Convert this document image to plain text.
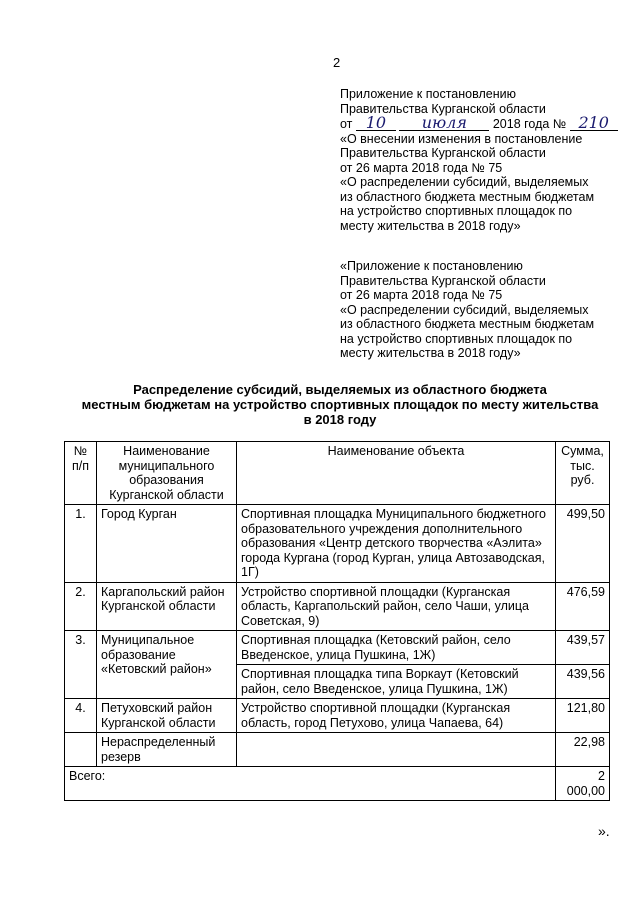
2
Приложение к постановлению
Правительства Курганской области
от 10 июля 2018 года № 210
«О внесении изменения в постановление
Правительства Курганской области
от 26 марта 2018 года № 75
«О распределении субсидий, выделяемых
из областного бюджета местным бюджетам
на устройство спортивных площадок по
месту жительства в 2018 году»
«Приложение к постановлению
Правительства Курганской области
от 26 марта 2018 года № 75
«О распределении субсидий, выделяемых
из областного бюджета местным бюджетам
на устройство спортивных площадок по
месту жительства в 2018 году»
Распределение субсидий, выделяемых из областного бюджета
местным бюджетам на устройство спортивных площадок по месту жительства
в 2018 году
№ п/п	Наименование муниципального образования Курганской области	Наименование объекта	Сумма, тыс. руб.
1.	Город Курган	Спортивная площадка Муниципального бюджетного образовательного учреждения дополнительного образования «Центр детского творчества «Аэлита» города Кургана (город Курган, улица Автозаводская, 1Г)	499,50
2.	Каргапольский район Курганской области	Устройство спортивной площадки (Курганская область, Каргапольский район, село Чаши, улица Советская, 9)	476,59
3.	Муниципальное образование «Кетовский район»	Спортивная площадка (Кетовский район, село Введенское, улица Пушкина, 1Ж)	439,57
		Спортивная площадка типа Воркаут (Кетовский район, село Введенское, улица Пушкина, 1Ж)	439,56
4.	Петуховский район Курганской области	Устройство спортивной площадки (Курганская область, город Петухово, улица Чапаева, 64)	121,80
	Нераспределенный резерв		22,98
Всего:			2 000,00
».
